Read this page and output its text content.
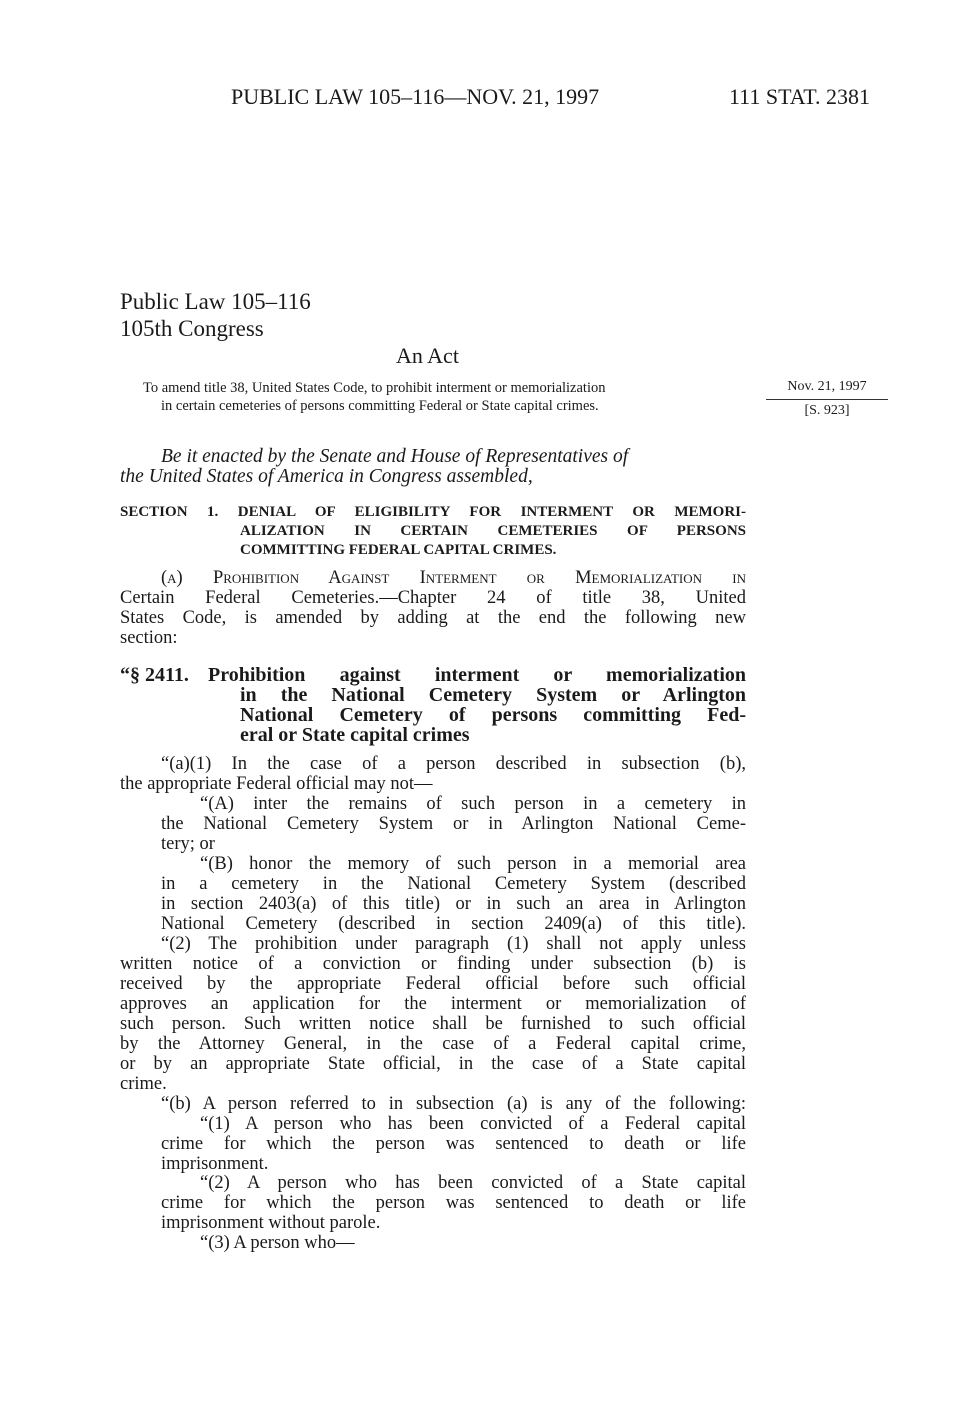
PUBLIC LAW 105–116—NOV. 21, 1997	111 STAT. 2381
Public Law 105–116
105th Congress
An Act
To amend title 38, United States Code, to prohibit interment or memorialization
in certain cemeteries of persons committing Federal or State capital crimes.
Nov. 21, 1997
[S. 923]
Be it enacted by the Senate and House of Representatives of
the United States of America in Congress assembled,
SECTION 1. DENIAL OF ELIGIBILITY FOR INTERMENT OR MEMORI-
ALIZATION IN CERTAIN CEMETERIES OF PERSONS
COMMITTING FEDERAL CAPITAL CRIMES.
(a) Prohibition Against Interment or Memorialization in
Certain Federal Cemeteries.—Chapter 24 of title 38, United
States Code, is amended by adding at the end the following new
section:
“§ 2411. Prohibition against interment or memorialization
in the National Cemetery System or Arlington
National Cemetery of persons committing Fed-
eral or State capital crimes
“(a)(1) In the case of a person described in subsection (b),
the appropriate Federal official may not—
“(A) inter the remains of such person in a cemetery in
the National Cemetery System or in Arlington National Ceme-
tery; or
“(B) honor the memory of such person in a memorial area
in a cemetery in the National Cemetery System (described
in section 2403(a) of this title) or in such an area in Arlington
National Cemetery (described in section 2409(a) of this title).
“(2) The prohibition under paragraph (1) shall not apply unless
written notice of a conviction or finding under subsection (b) is
received by the appropriate Federal official before such official
approves an application for the interment or memorialization of
such person. Such written notice shall be furnished to such official
by the Attorney General, in the case of a Federal capital crime,
or by an appropriate State official, in the case of a State capital
crime.
“(b) A person referred to in subsection (a) is any of the following:
“(1) A person who has been convicted of a Federal capital
crime for which the person was sentenced to death or life
imprisonment.
“(2) A person who has been convicted of a State capital
crime for which the person was sentenced to death or life
imprisonment without parole.
“(3) A person who—
